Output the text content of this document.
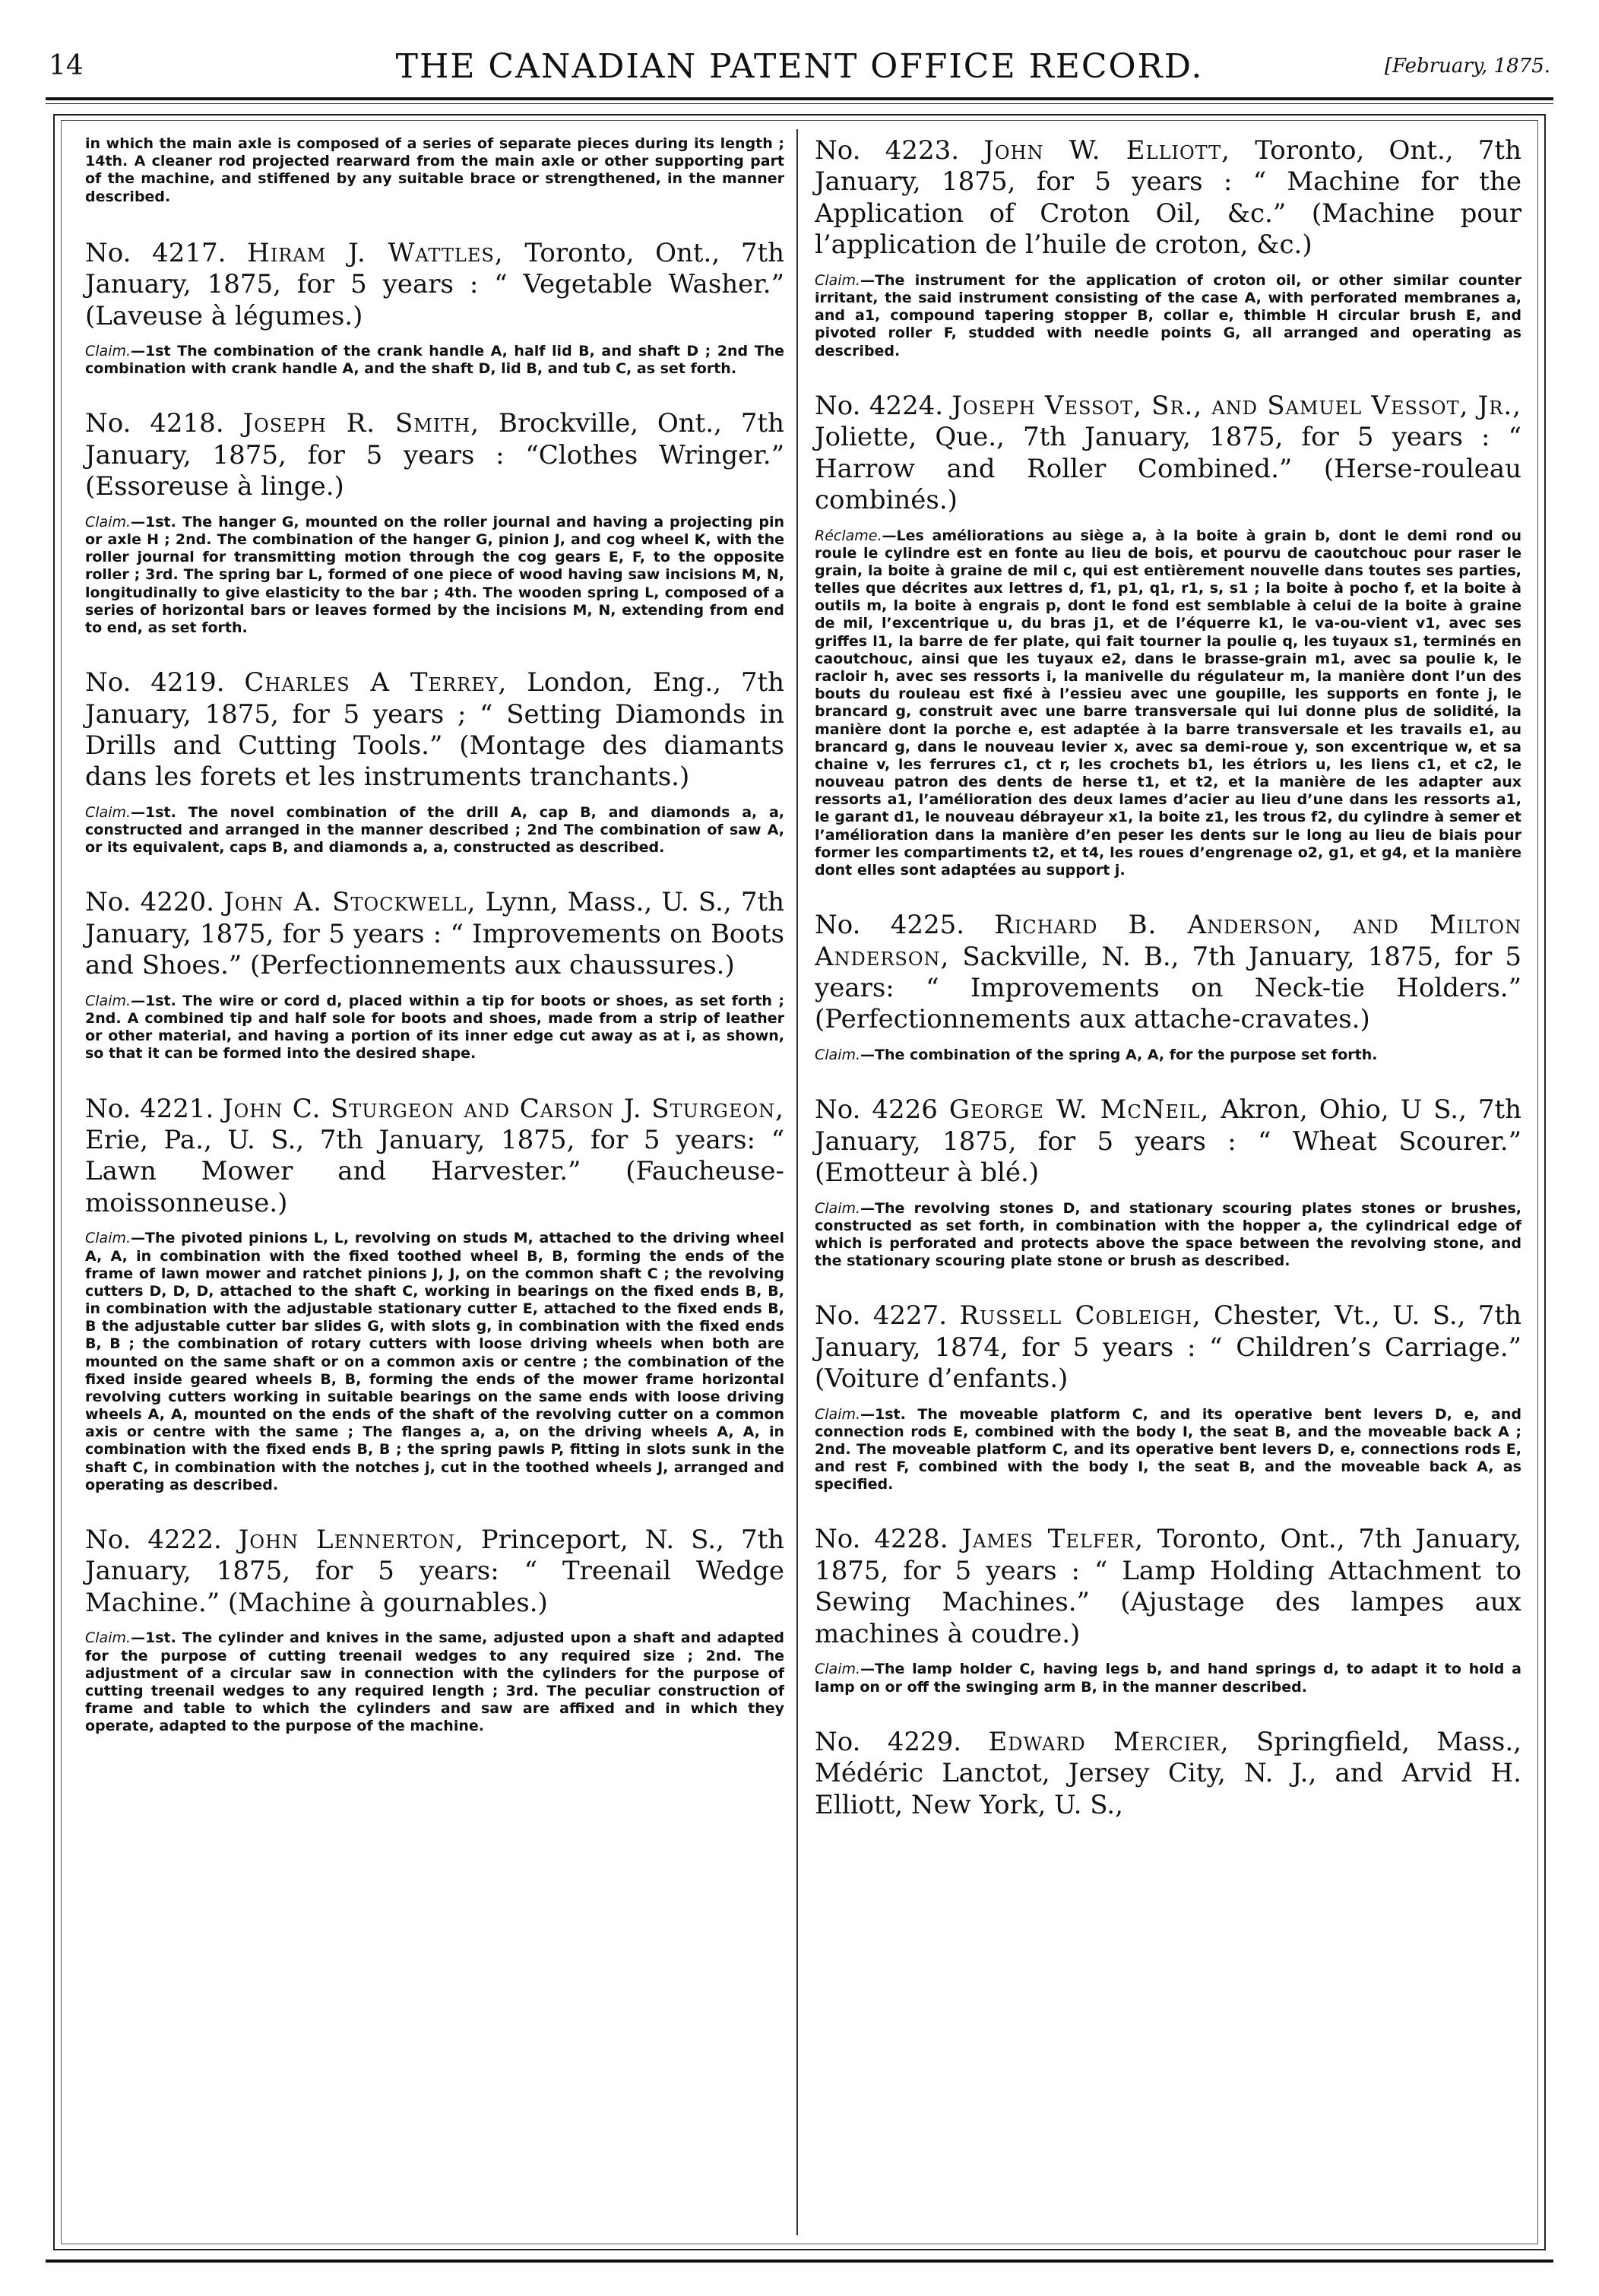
14	THE CANADIAN PATENT OFFICE RECORD.	[February, 1875.

in which the main axle is composed of a series of separate pieces during its length ; 14th. A cleaner rod projected rearward from the main axle or other supporting part of the machine, and stiffened by any suitable brace or strengthened, in the manner described.

No. 4217. Hiram J. Wattles, Toronto, Ont., 7th January, 1875, for 5 years : “ Vegetable Washer.” (Laveuse à légumes.)

Claim.—1st The combination of the crank handle A, half lid B, and shaft D ; 2nd The combination with crank handle A, and the shaft D, lid B, and tub C, as set forth.

No. 4218. Joseph R. Smith, Brockville, Ont., 7th January, 1875, for 5 years : “Clothes Wringer.” (Essoreuse à linge.)

Claim.—1st. The hanger G, mounted on the roller journal and having a projecting pin or axle H ; 2nd. The combination of the hanger G, pinion J, and cog wheel K, with the roller journal for transmitting motion through the cog gears E, F, to the opposite roller ; 3rd. The spring bar L, formed of one piece of wood having saw incisions M, N, longitudinally to give elasticity to the bar ; 4th. The wooden spring L, composed of a series of horizontal bars or leaves formed by the incisions M, N, extending from end to end, as set forth.

No. 4219. Charles A Terrey, London, Eng., 7th January, 1875, for 5 years ; “ Setting Diamonds in Drills and Cutting Tools.” (Montage des diamants dans les forets et les instruments tranchants.)

Claim.—1st. The novel combination of the drill A, cap B, and diamonds a, a, constructed and arranged in the manner described ; 2nd The combination of saw A, or its equivalent, caps B, and diamonds a, a, constructed as described.

No. 4220. John A. Stockwell, Lynn, Mass., U. S., 7th January, 1875, for 5 years : “ Improvements on Boots and Shoes.” (Perfectionnements aux chaussures.)

Claim.—1st. The wire or cord d, placed within a tip for boots or shoes, as set forth ; 2nd. A combined tip and half sole for boots and shoes, made from a strip of leather or other material, and having a portion of its inner edge cut away as at i, as shown, so that it can be formed into the desired shape.

No. 4221. John C. Sturgeon and Carson J. Sturgeon, Erie, Pa., U. S., 7th January, 1875, for 5 years: “ Lawn Mower and Harvester.” (Faucheuse-moissonneuse.)

Claim.—The pivoted pinions L, L, revolving on studs M, attached to the driving wheel A, A, in combination with the fixed toothed wheel B, B, forming the ends of the frame of lawn mower and ratchet pinions J, J, on the common shaft C ; the revolving cutters D, D, D, attached to the shaft C, working in bearings on the fixed ends B, B, in combination with the adjustable stationary cutter E, attached to the fixed ends B, B the adjustable cutter bar slides G, with slots g, in combination with the fixed ends B, B ; the combination of rotary cutters with loose driving wheels when both are mounted on the same shaft or on a common axis or centre ; the combination of the fixed inside geared wheels B, B, forming the ends of the mower frame horizontal revolving cutters working in suitable bearings on the same ends with loose driving wheels A, A, mounted on the ends of the shaft of the revolving cutter on a common axis or centre with the same ; The flanges a, a, on the driving wheels A, A, in combination with the fixed ends B, B ; the spring pawls P, fitting in slots sunk in the shaft C, in combination with the notches j, cut in the toothed wheels J, arranged and operating as described.

No. 4222. John Lennerton, Princeport, N. S., 7th January, 1875, for 5 years: “ Treenail Wedge Machine.” (Machine à gournables.)

Claim.—1st. The cylinder and knives in the same, adjusted upon a shaft and adapted for the purpose of cutting treenail wedges to any required size ; 2nd. The adjustment of a circular saw in connection with the cylinders for the purpose of cutting treenail wedges to any required length ; 3rd. The peculiar construction of frame and table to which the cylinders and saw are affixed and in which they operate, adapted to the purpose of the machine.

No. 4223. John W. Elliott, Toronto, Ont., 7th January, 1875, for 5 years : “ Machine for the Application of Croton Oil, &c.” (Machine pour l’application de l’huile de croton, &c.)

Claim.—The instrument for the application of croton oil, or other similar counter irritant, the said instrument consisting of the case A, with perforated membranes a, and a1, compound tapering stopper B, collar e, thimble H circular brush E, and pivoted roller F, studded with needle points G, all arranged and operating as described.

No. 4224. Joseph Vessot, Sr., and Samuel Vessot, Jr., Joliette, Que., 7th January, 1875, for 5 years : “ Harrow and Roller Combined.” (Herse-rouleau combinés.)

Réclame.—Les améliorations au siège a, à la boite à grain b, dont le demi rond ou roule le cylindre est en fonte au lieu de bois, et pourvu de caoutchouc pour raser le grain, la boite à graine de mil c, qui est entièrement nouvelle dans toutes ses parties, telles que décrites aux lettres d, f1, p1, q1, r1, s, s1 ; la boite à pocho f, et la boite à outils m, la boite à engrais p, dont le fond est semblable à celui de la boite à graine de mil, l’excentrique u, du bras j1, et de l’équerre k1, le va-ou-vient v1, avec ses griffes l1, la barre de fer plate, qui fait tourner la poulie q, les tuyaux s1, terminés en caoutchouc, ainsi que les tuyaux e2, dans le brasse-grain m1, avec sa poulie k, le racloir h, avec ses ressorts i, la manivelle du régulateur m, la manière dont l’un des bouts du rouleau est fixé à l’essieu avec une goupille, les supports en fonte j, le brancard g, construit avec une barre transversale qui lui donne plus de solidité, la manière dont la porche e, est adaptée à la barre transversale et les travails e1, au brancard g, dans le nouveau levier x, avec sa demi-roue y, son excentrique w, et sa chaine v, les ferrures c1, ct r, les crochets b1, les étriors u, les liens c1, et c2, le nouveau patron des dents de herse t1, et t2, et la manière de les adapter aux ressorts a1, l’amélioration des deux lames d’acier au lieu d’une dans les ressorts a1, le garant d1, le nouveau débrayeur x1, la boite z1, les trous f2, du cylindre à semer et l’amélioration dans la manière d’en peser les dents sur le long au lieu de biais pour former les compartiments t2, et t4, les roues d’engrenage o2, g1, et g4, et la manière dont elles sont adaptées au support j.

No. 4225. Richard B. Anderson, and Milton Anderson, Sackville, N. B., 7th January, 1875, for 5 years: “ Improvements on Neck-tie Holders.” (Perfectionnements aux attache-cravates.)

Claim.—The combination of the spring A, A, for the purpose set forth.

No. 4226 George W. McNeil, Akron, Ohio, U S., 7th January, 1875, for 5 years : “ Wheat Scourer.” (Emotteur à blé.)

Claim.—The revolving stones D, and stationary scouring plates stones or brushes, constructed as set forth, in combination with the hopper a, the cylindrical edge of which is perforated and protects above the space between the revolving stone, and the stationary scouring plate stone or brush as described.

No. 4227. Russell Cobleigh, Chester, Vt., U. S., 7th January, 1874, for 5 years : “ Children’s Carriage.” (Voiture d’enfants.)

Claim.—1st. The moveable platform C, and its operative bent levers D, e, and connection rods E, combined with the body I, the seat B, and the moveable back A ; 2nd. The moveable platform C, and its operative bent levers D, e, connections rods E, and rest F, combined with the body I, the seat B, and the moveable back A, as specified.

No. 4228. James Telfer, Toronto, Ont., 7th January, 1875, for 5 years : “ Lamp Holding Attachment to Sewing Machines.” (Ajustage des lampes aux machines à coudre.)

Claim.—The lamp holder C, having legs b, and hand springs d, to adapt it to hold a lamp on or off the swinging arm B, in the manner described.

No. 4229. Edward Mercier, Springfield, Mass., Médéric Lanctot, Jersey City, N. J., and Arvid H. Elliott, New York, U. S.,
